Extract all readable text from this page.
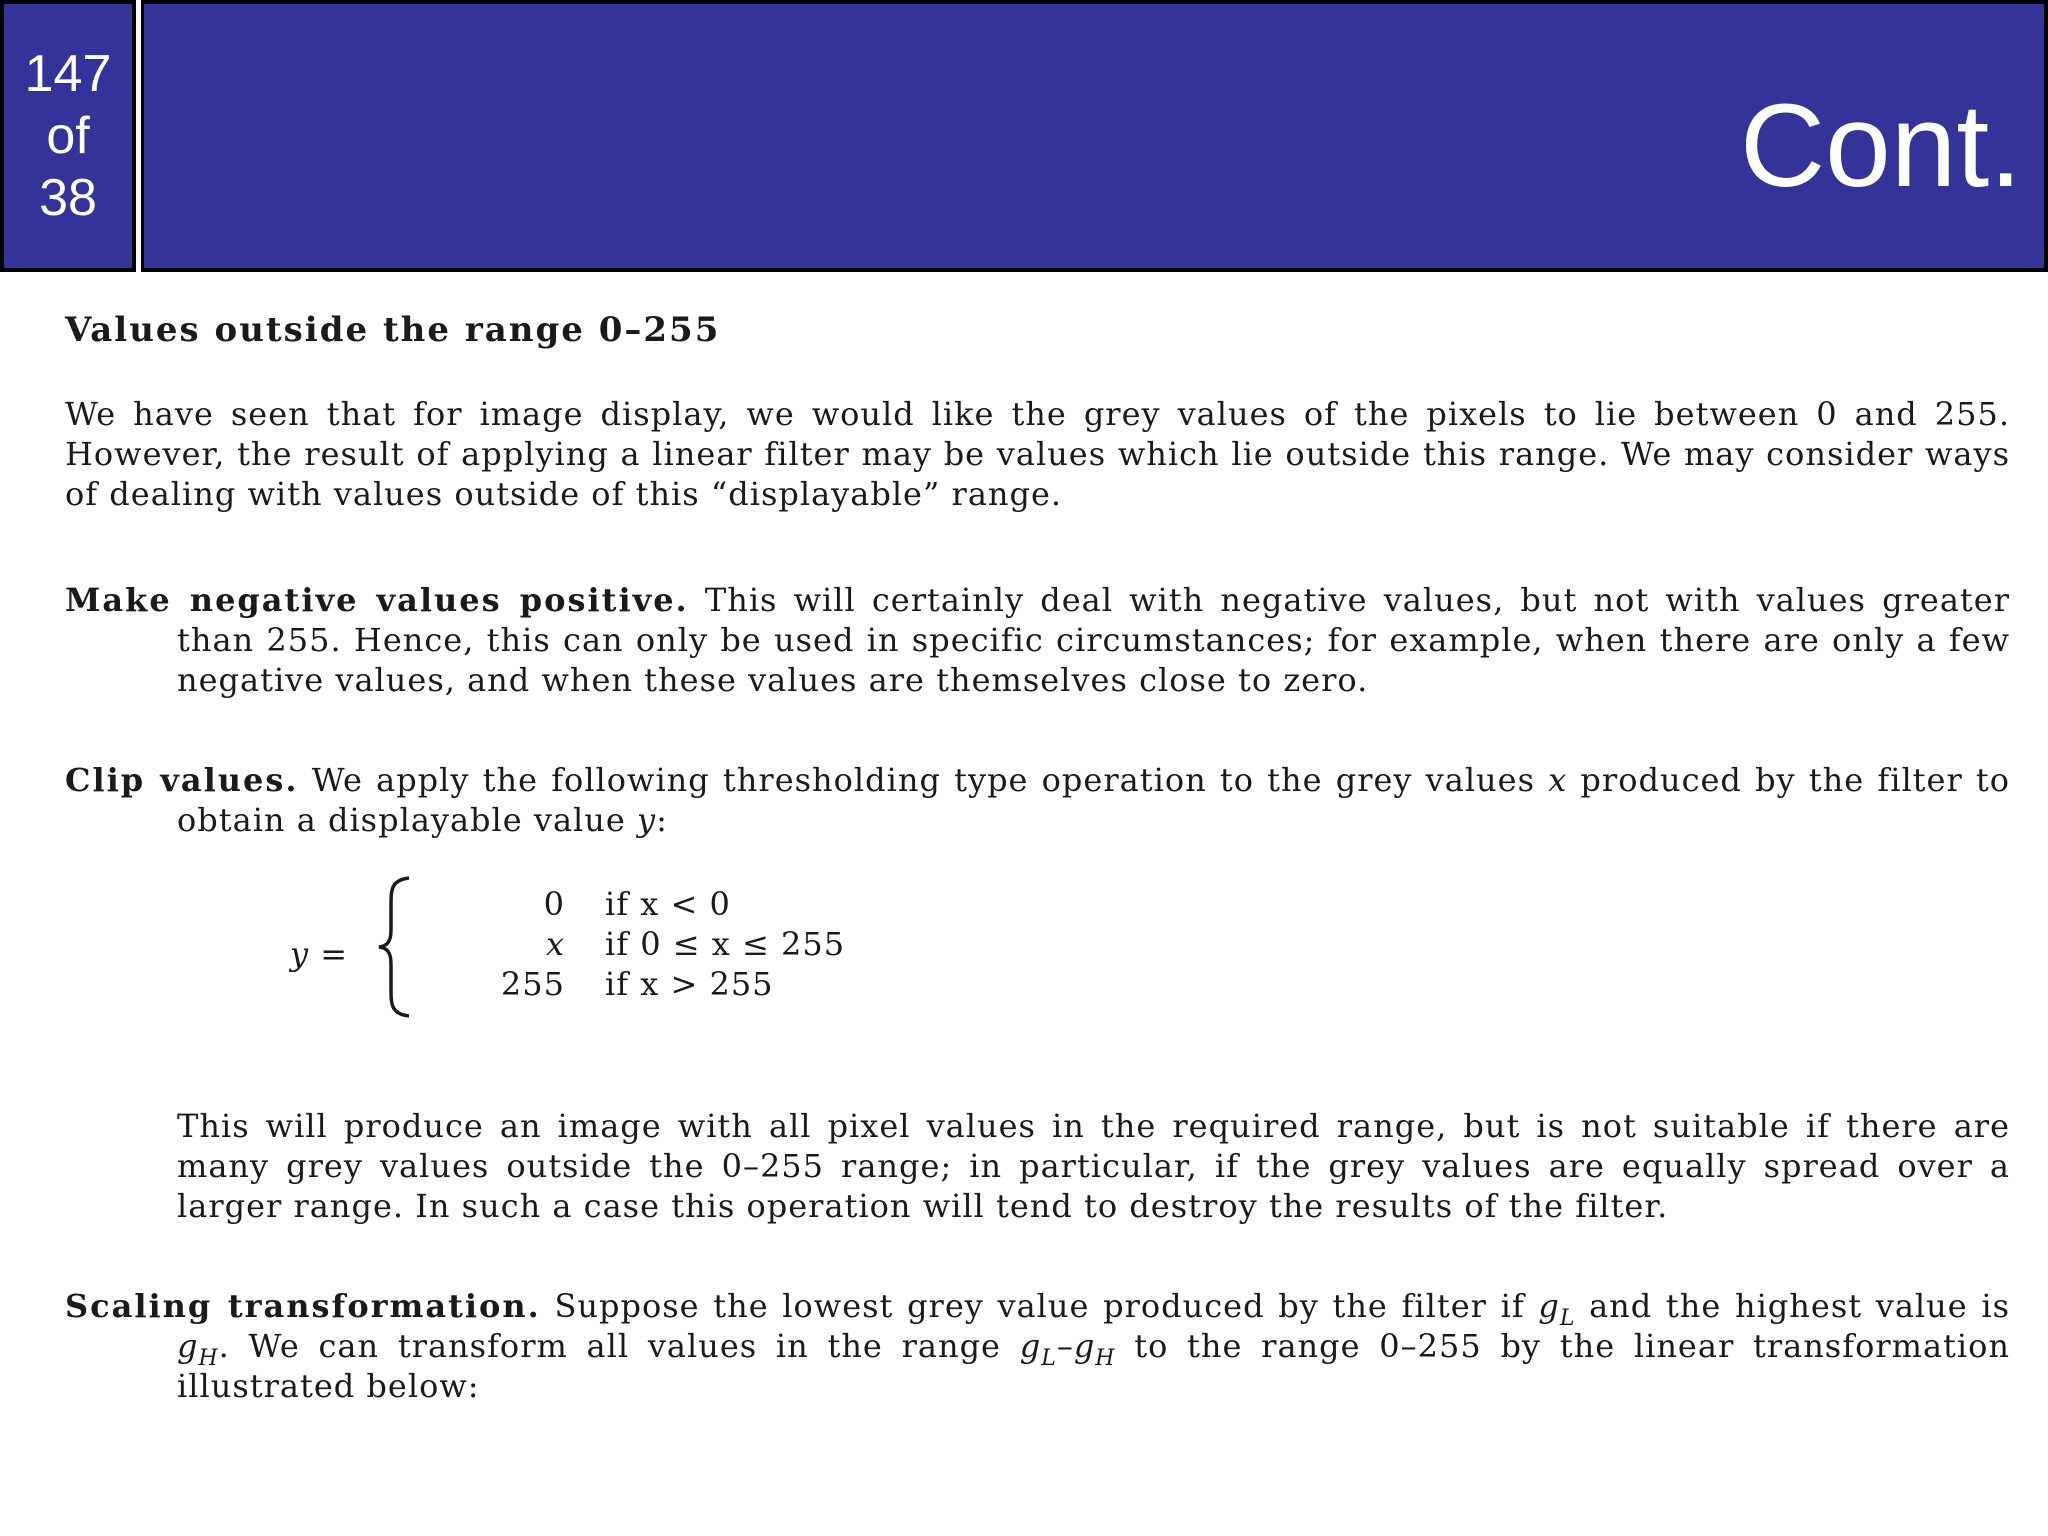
147
of
38	Cont.

Values outside the range 0–255

We have seen that for image display, we would like the grey values of the pixels to lie between 0 and 255. However, the result of applying a linear filter may be values which lie outside this range. We may consider ways of dealing with values outside of this “displayable” range.

Make negative values positive. This will certainly deal with negative values, but not with values greater than 255. Hence, this can only be used in specific circumstances; for example, when there are only a few negative values, and when these values are themselves close to zero.

Clip values. We apply the following thresholding type operation to the grey values x produced by the filter to obtain a displayable value y:

y =
0 if x < 0
x if 0 ≤ x ≤ 255
255 if x > 255

This will produce an image with all pixel values in the required range, but is not suitable if there are many grey values outside the 0–255 range; in particular, if the grey values are equally spread over a larger range. In such a case this operation will tend to destroy the results of the filter.

Scaling transformation. Suppose the lowest grey value produced by the filter if $g_L$ and the highest value is $g_H$. We can transform all values in the range $g_L-g_H$ to the range 0–255 by the linear transformation illustrated below:
